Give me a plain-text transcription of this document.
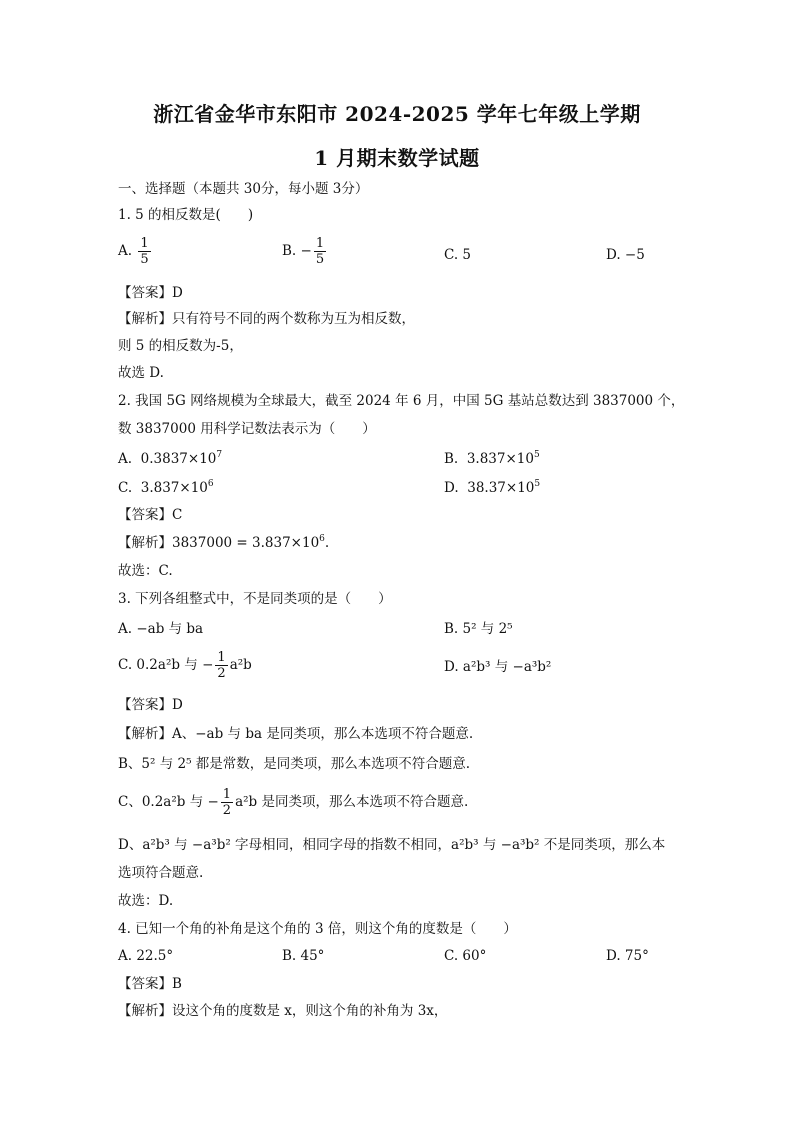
浙江省金华市东阳市 2024-2025 学年七年级上学期
1 月期末数学试题
一、选择题（本题共 30分，每小题 3分）
1. 5 的相反数是(　　)
A. $\frac{1}{5}$	B. − $\frac{1}{5}$	C. 5	D. −5
【答案】D
【解析】只有符号不同的两个数称为互为相反数，
则 5 的相反数为-5，
故选 D.
2. 我国 5G 网络规模为全球最大，截至 2024 年 6 月，中国 5G 基站总数达到 3837000 个，
数 3837000 用科学记数法表示为（　　）
A. $0.3837\times 10^7$	B. $3.837\times 10^5$
C. $3.837\times 10^6$	D. $38.37\times 10^5$
【答案】C
【解析】$3837000 = 3.837\times 10^6$.
故选：C.
3. 下列各组整式中，不是同类项的是（　　）
A. −ab 与 ba	B. 5² 与 2⁵
C. 0.2a²b 与 − $\frac{1}{2} a^2b$	D. a²b³ 与 −a³b²
【答案】D
【解析】A、−ab 与 ba 是同类项，那么本选项不符合题意.
B、5² 与 2⁵ 都是常数，是同类项，那么本选项不符合题意.
C、0.2a²b 与 − $\frac{1}{2} a^2b$ 是同类项，那么本选项不符合题意.
D、a²b³ 与 −a³b² 字母相同，相同字母的指数不相同，a²b³ 与 −a³b² 不是同类项，那么本
选项符合题意.
故选：D.
4. 已知一个角的补角是这个角的 3 倍，则这个角的度数是（　　）
A. 22.5°	B. 45°	C. 60°	D. 75°
【答案】B
【解析】设这个角的度数是 x，则这个角的补角为 3x，
